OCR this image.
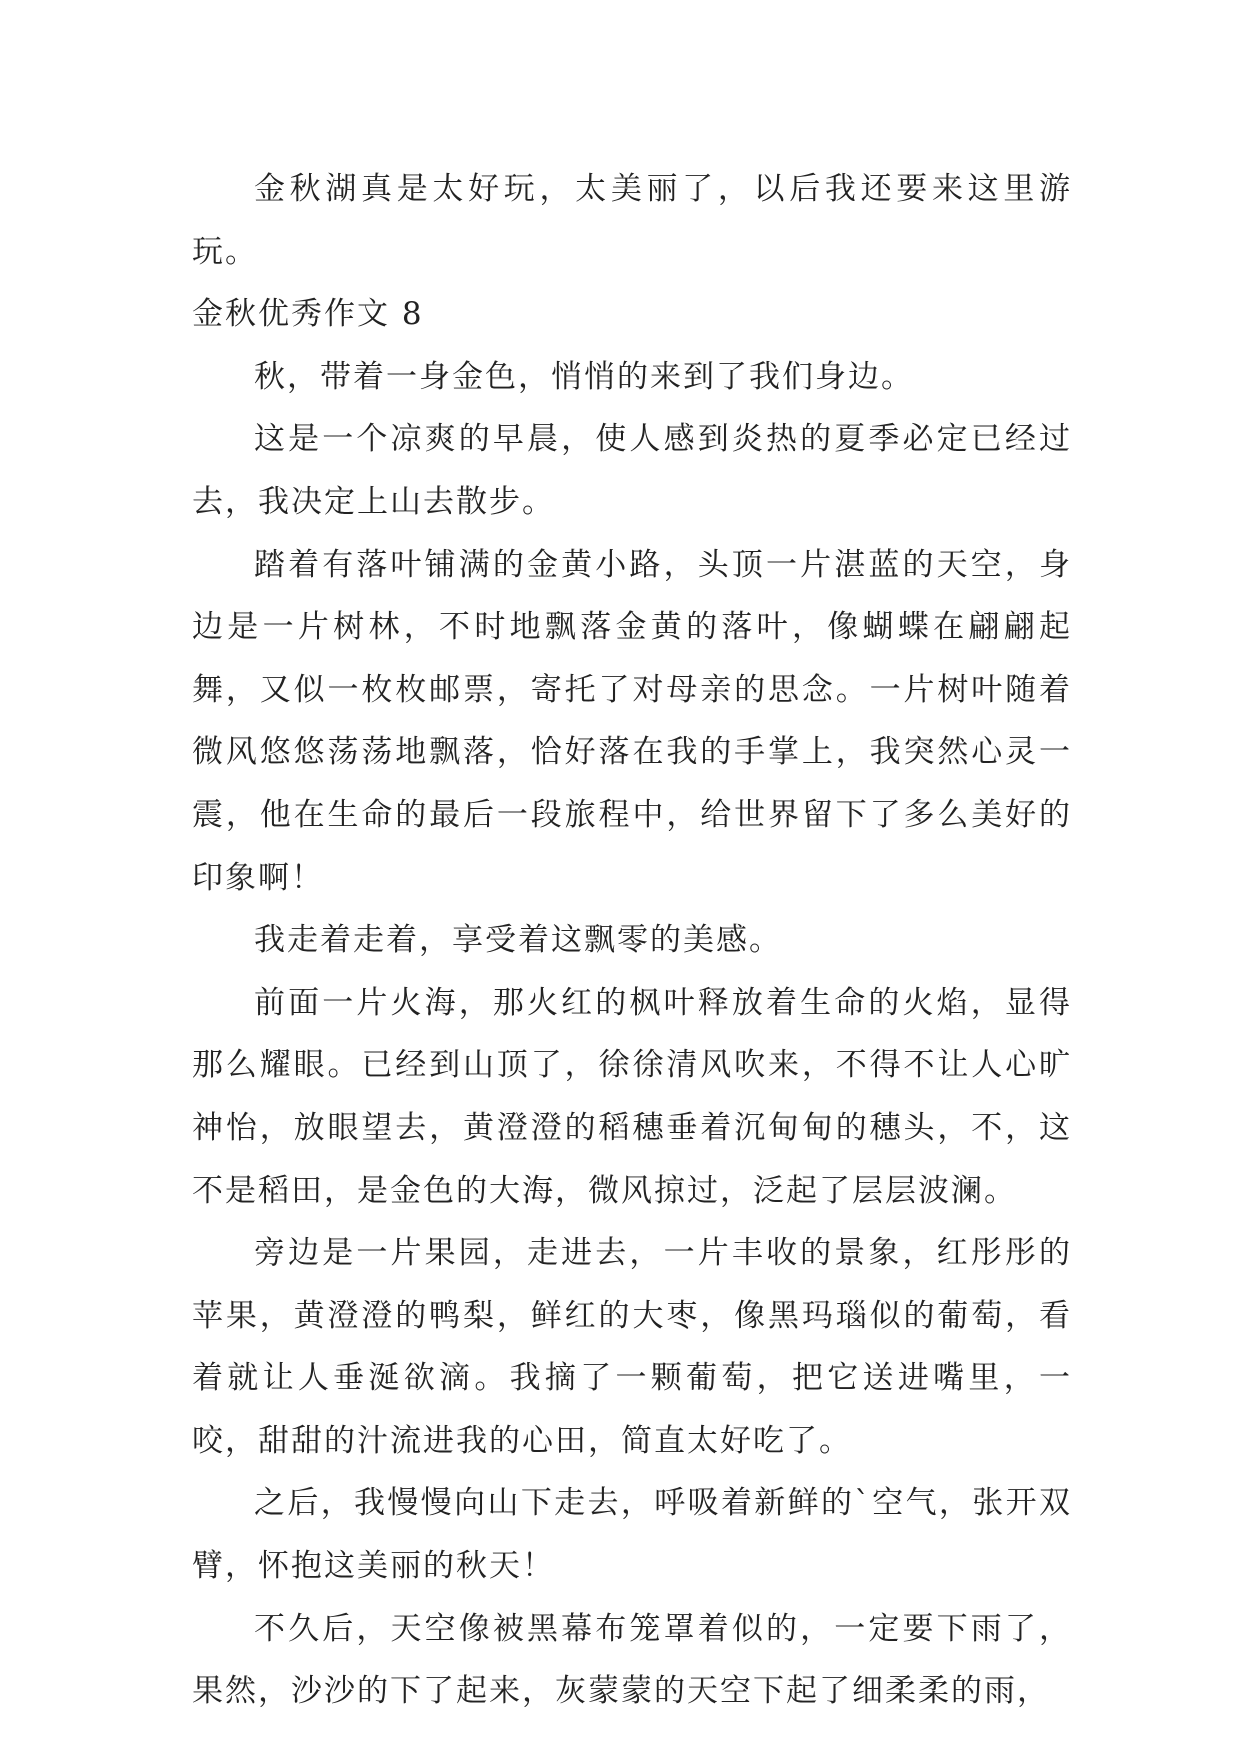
金秋湖真是太好玩，太美丽了，以后我还要来这里游玩。

金秋优秀作文 8

秋，带着一身金色，悄悄的来到了我们身边。

这是一个凉爽的早晨，使人感到炎热的夏季必定已经过去，我决定上山去散步。

踏着有落叶铺满的金黄小路，头顶一片湛蓝的天空，身边是一片树林，不时地飘落金黄的落叶，像蝴蝶在翩翩起舞，又似一枚枚邮票，寄托了对母亲的思念。一片树叶随着微风悠悠荡荡地飘落，恰好落在我的手掌上，我突然心灵一震，他在生命的最后一段旅程中，给世界留下了多么美好的印象啊！

我走着走着，享受着这飘零的美感。

前面一片火海，那火红的枫叶释放着生命的火焰，显得那么耀眼。已经到山顶了，徐徐清风吹来，不得不让人心旷神怡，放眼望去，黄澄澄的稻穗垂着沉甸甸的穗头，不，这不是稻田，是金色的大海，微风掠过，泛起了层层波澜。

旁边是一片果园，走进去，一片丰收的景象，红彤彤的苹果，黄澄澄的鸭梨，鲜红的大枣，像黑玛瑙似的葡萄，看着就让人垂涎欲滴。我摘了一颗葡萄，把它送进嘴里，一咬，甜甜的汁流进我的心田，简直太好吃了。

之后，我慢慢向山下走去，呼吸着新鲜的`空气，张开双臂，怀抱这美丽的秋天！

不久后，天空像被黑幕布笼罩着似的，一定要下雨了，果然，沙沙的下了起来，灰蒙蒙的天空下起了细柔柔的雨，
